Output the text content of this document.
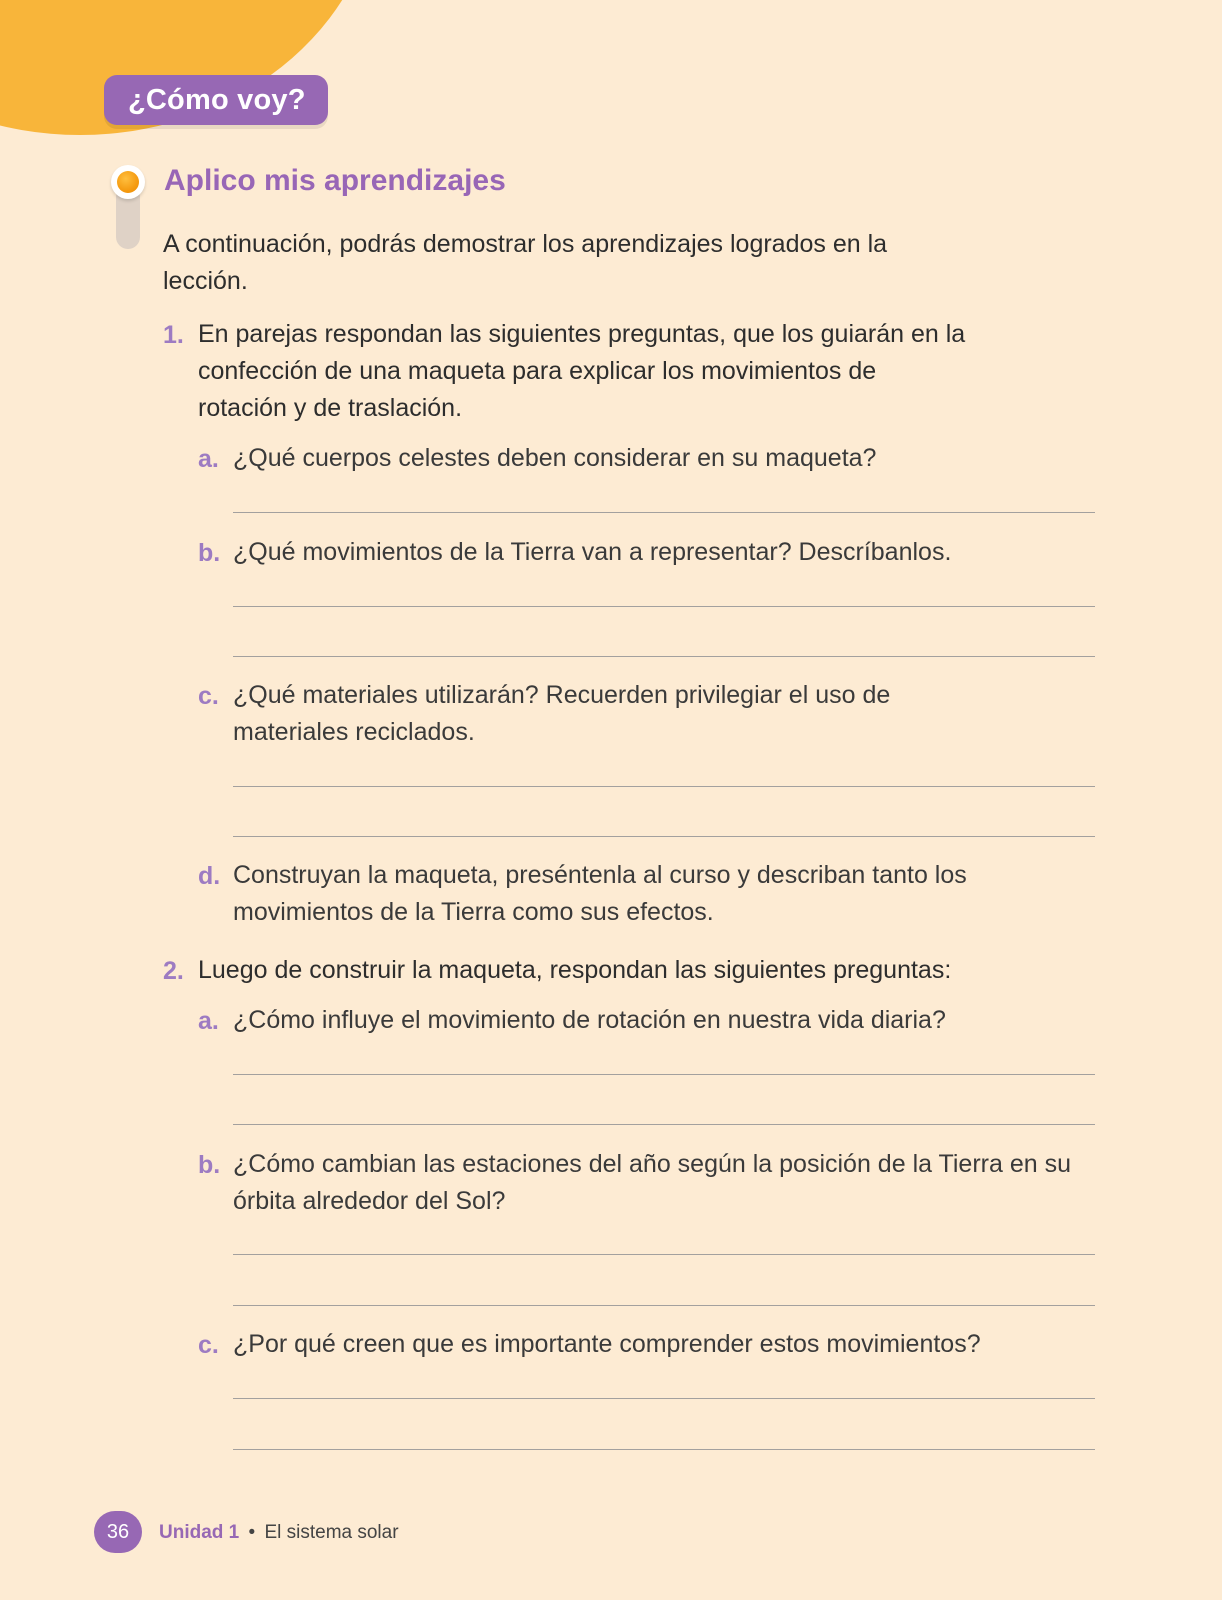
¿Cómo voy?
Aplico mis aprendizajes
A continuación, podrás demostrar los aprendizajes logrados en la lección.
1. En parejas respondan las siguientes preguntas, que los guiarán en la confección de una maqueta para explicar los movimientos de rotación y de traslación.
a. ¿Qué cuerpos celestes deben considerar en su maqueta?
b. ¿Qué movimientos de la Tierra van a representar? Descríbanlos.
c. ¿Qué materiales utilizarán? Recuerden privilegiar el uso de materiales reciclados.
d. Construyan la maqueta, preséntenla al curso y describan tanto los movimientos de la Tierra como sus efectos.
2. Luego de construir la maqueta, respondan las siguientes preguntas:
a. ¿Cómo influye el movimiento de rotación en nuestra vida diaria?
b. ¿Cómo cambian las estaciones del año según la posición de la Tierra en su órbita alrededor del Sol?
c. ¿Por qué creen que es importante comprender estos movimientos?
36	Unidad 1 • El sistema solar
